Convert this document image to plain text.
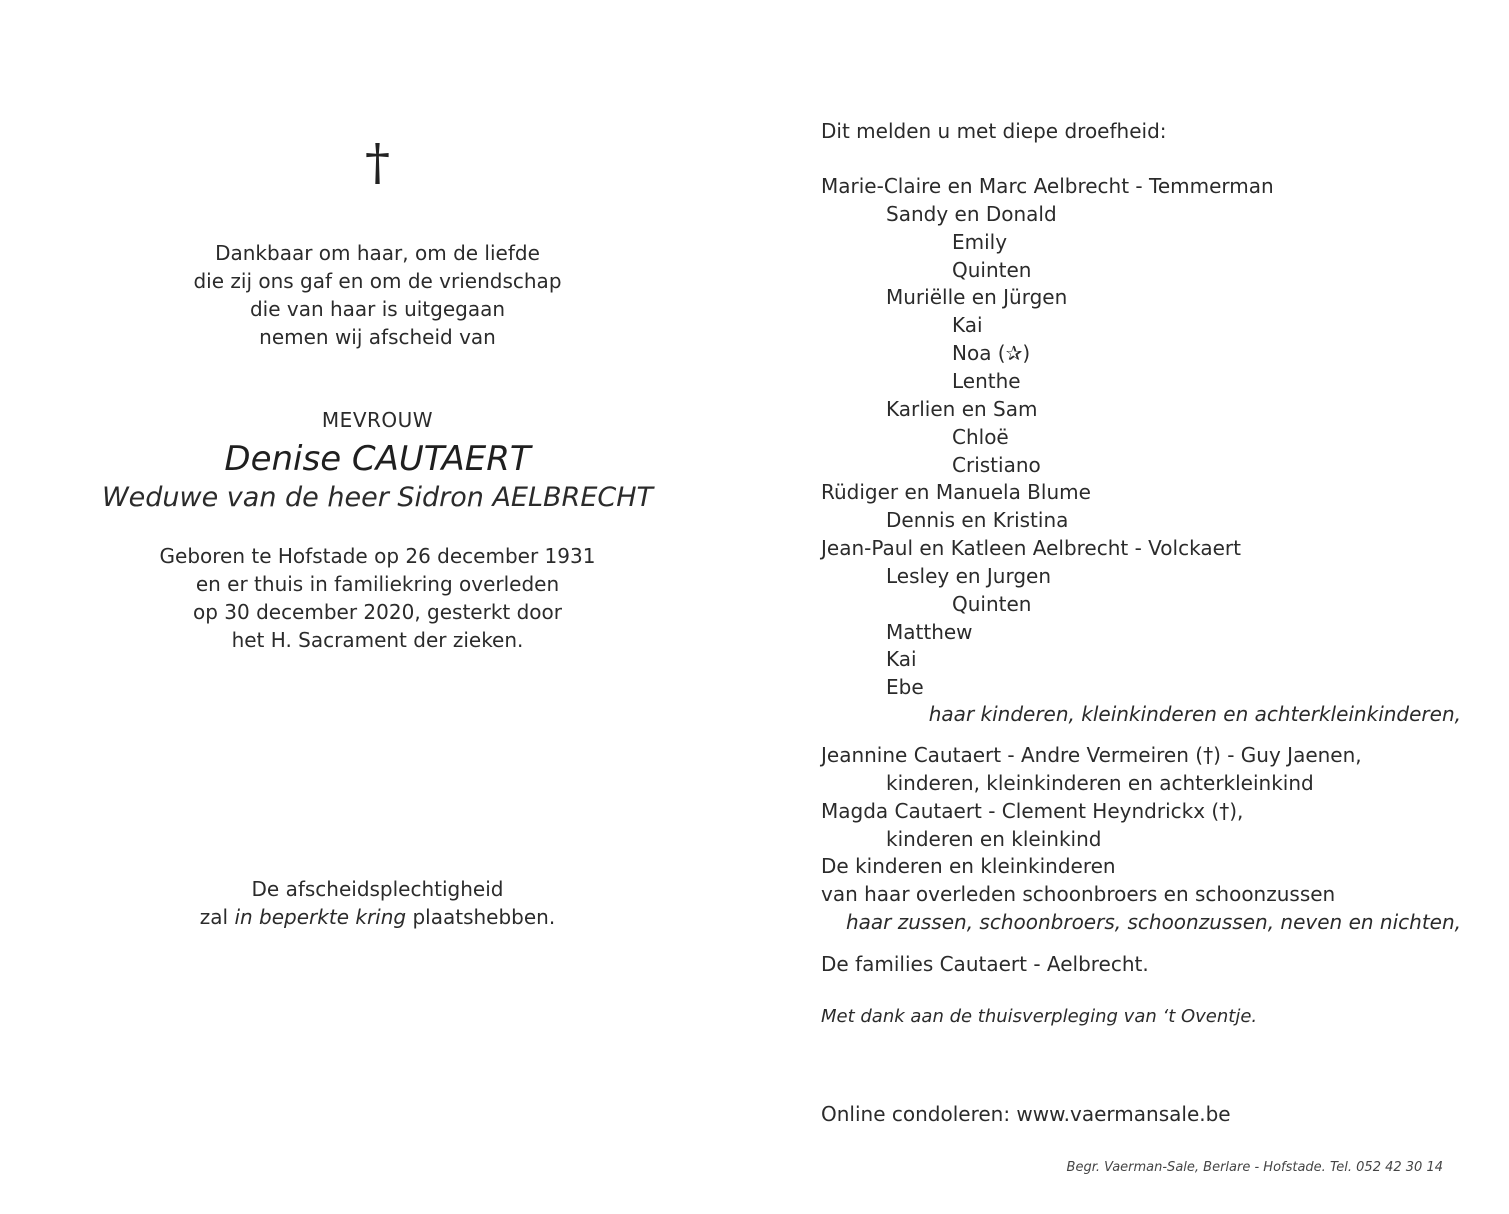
†
Dankbaar om haar, om de liefde
die zij ons gaf en om de vriendschap
die van haar is uitgegaan
nemen wij afscheid van
MEVROUW
Denise CAUTAERT
Weduwe van de heer Sidron AELBRECHT
Geboren te Hofstade op 26 december 1931
en er thuis in familiekring overleden
op 30 december 2020, gesterkt door
het H. Sacrament der zieken.
De afscheidsplechtigheid
zal in beperkte kring plaatshebben.
Dit melden u met diepe droefheid:
Marie-Claire en Marc Aelbrecht - Temmerman
Sandy en Donald
Emily
Quinten
Muriëlle en Jürgen
Kai
Noa (✰)
Lenthe
Karlien en Sam
Chloë
Cristiano
Rüdiger en Manuela Blume
Dennis en Kristina
Jean-Paul en Katleen Aelbrecht - Volckaert
Lesley en Jurgen
Quinten
Matthew
Kai
Ebe
haar kinderen, kleinkinderen en achterkleinkinderen,
Jeannine Cautaert - Andre Vermeiren (†) - Guy Jaenen,
kinderen, kleinkinderen en achterkleinkind
Magda Cautaert - Clement Heyndrickx (†),
kinderen en kleinkind
De kinderen en kleinkinderen
van haar overleden schoonbroers en schoonzussen
haar zussen, schoonbroers, schoonzussen, neven en nichten,
De families Cautaert - Aelbrecht.
Met dank aan de thuisverpleging van ‘t Oventje.
Online condoleren: www.vaermansale.be
Begr. Vaerman-Sale, Berlare - Hofstade. Tel. 052 42 30 14
